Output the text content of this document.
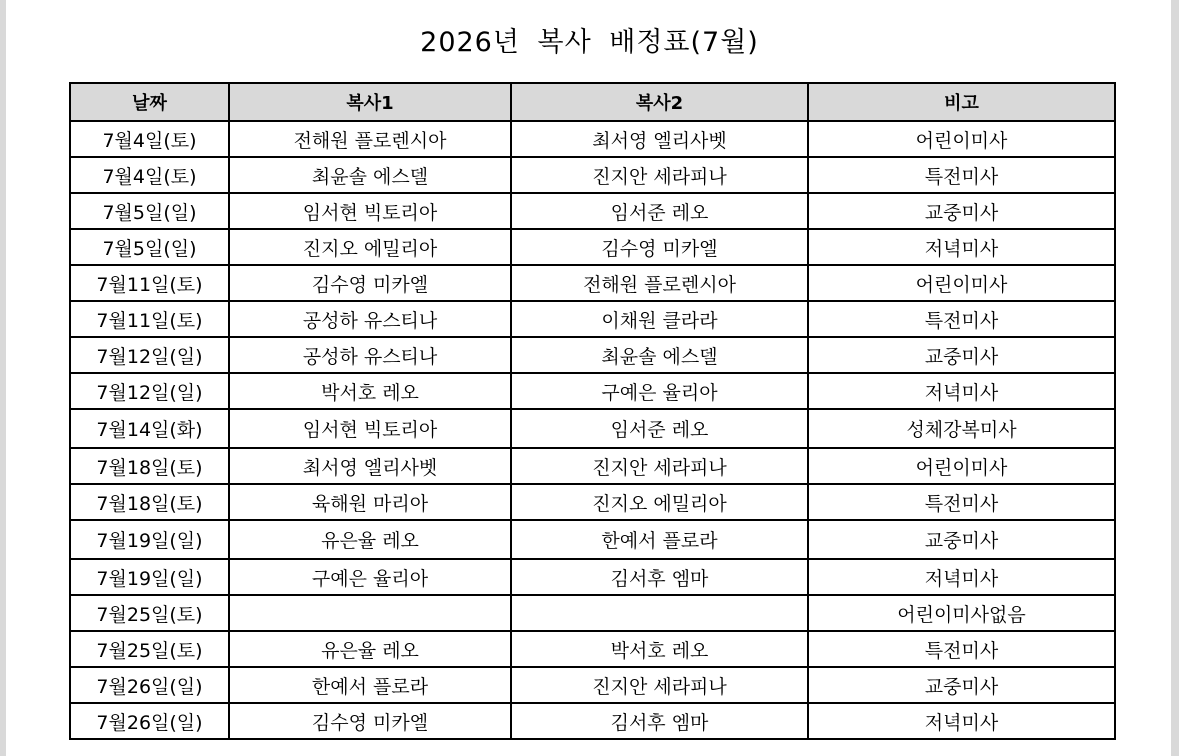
2026년 복사 배정표(7월)
날짜	복사1	복사2	비고
7월4일(토)	전해원 플로렌시아	최서영 엘리사벳	어린이미사
7월4일(토)	최윤솔 에스델	진지안 세라피나	특전미사
7월5일(일)	임서현 빅토리아	임서준 레오	교중미사
7월5일(일)	진지오 에밀리아	김수영 미카엘	저녁미사
7월11일(토)	김수영 미카엘	전해원 플로렌시아	어린이미사
7월11일(토)	공성하 유스티나	이채원 클라라	특전미사
7월12일(일)	공성하 유스티나	최윤솔 에스델	교중미사
7월12일(일)	박서호 레오	구예은 율리아	저녁미사
7월14일(화)	임서현 빅토리아	임서준 레오	성체강복미사
7월18일(토)	최서영 엘리사벳	진지안 세라피나	어린이미사
7월18일(토)	육해원 마리아	진지오 에밀리아	특전미사
7월19일(일)	유은율 레오	한예서 플로라	교중미사
7월19일(일)	구예은 율리아	김서후 엠마	저녁미사
7월25일(토)			어린이미사없음
7월25일(토)	유은율 레오	박서호 레오	특전미사
7월26일(일)	한예서 플로라	진지안 세라피나	교중미사
7월26일(일)	김수영 미카엘	김서후 엠마	저녁미사
